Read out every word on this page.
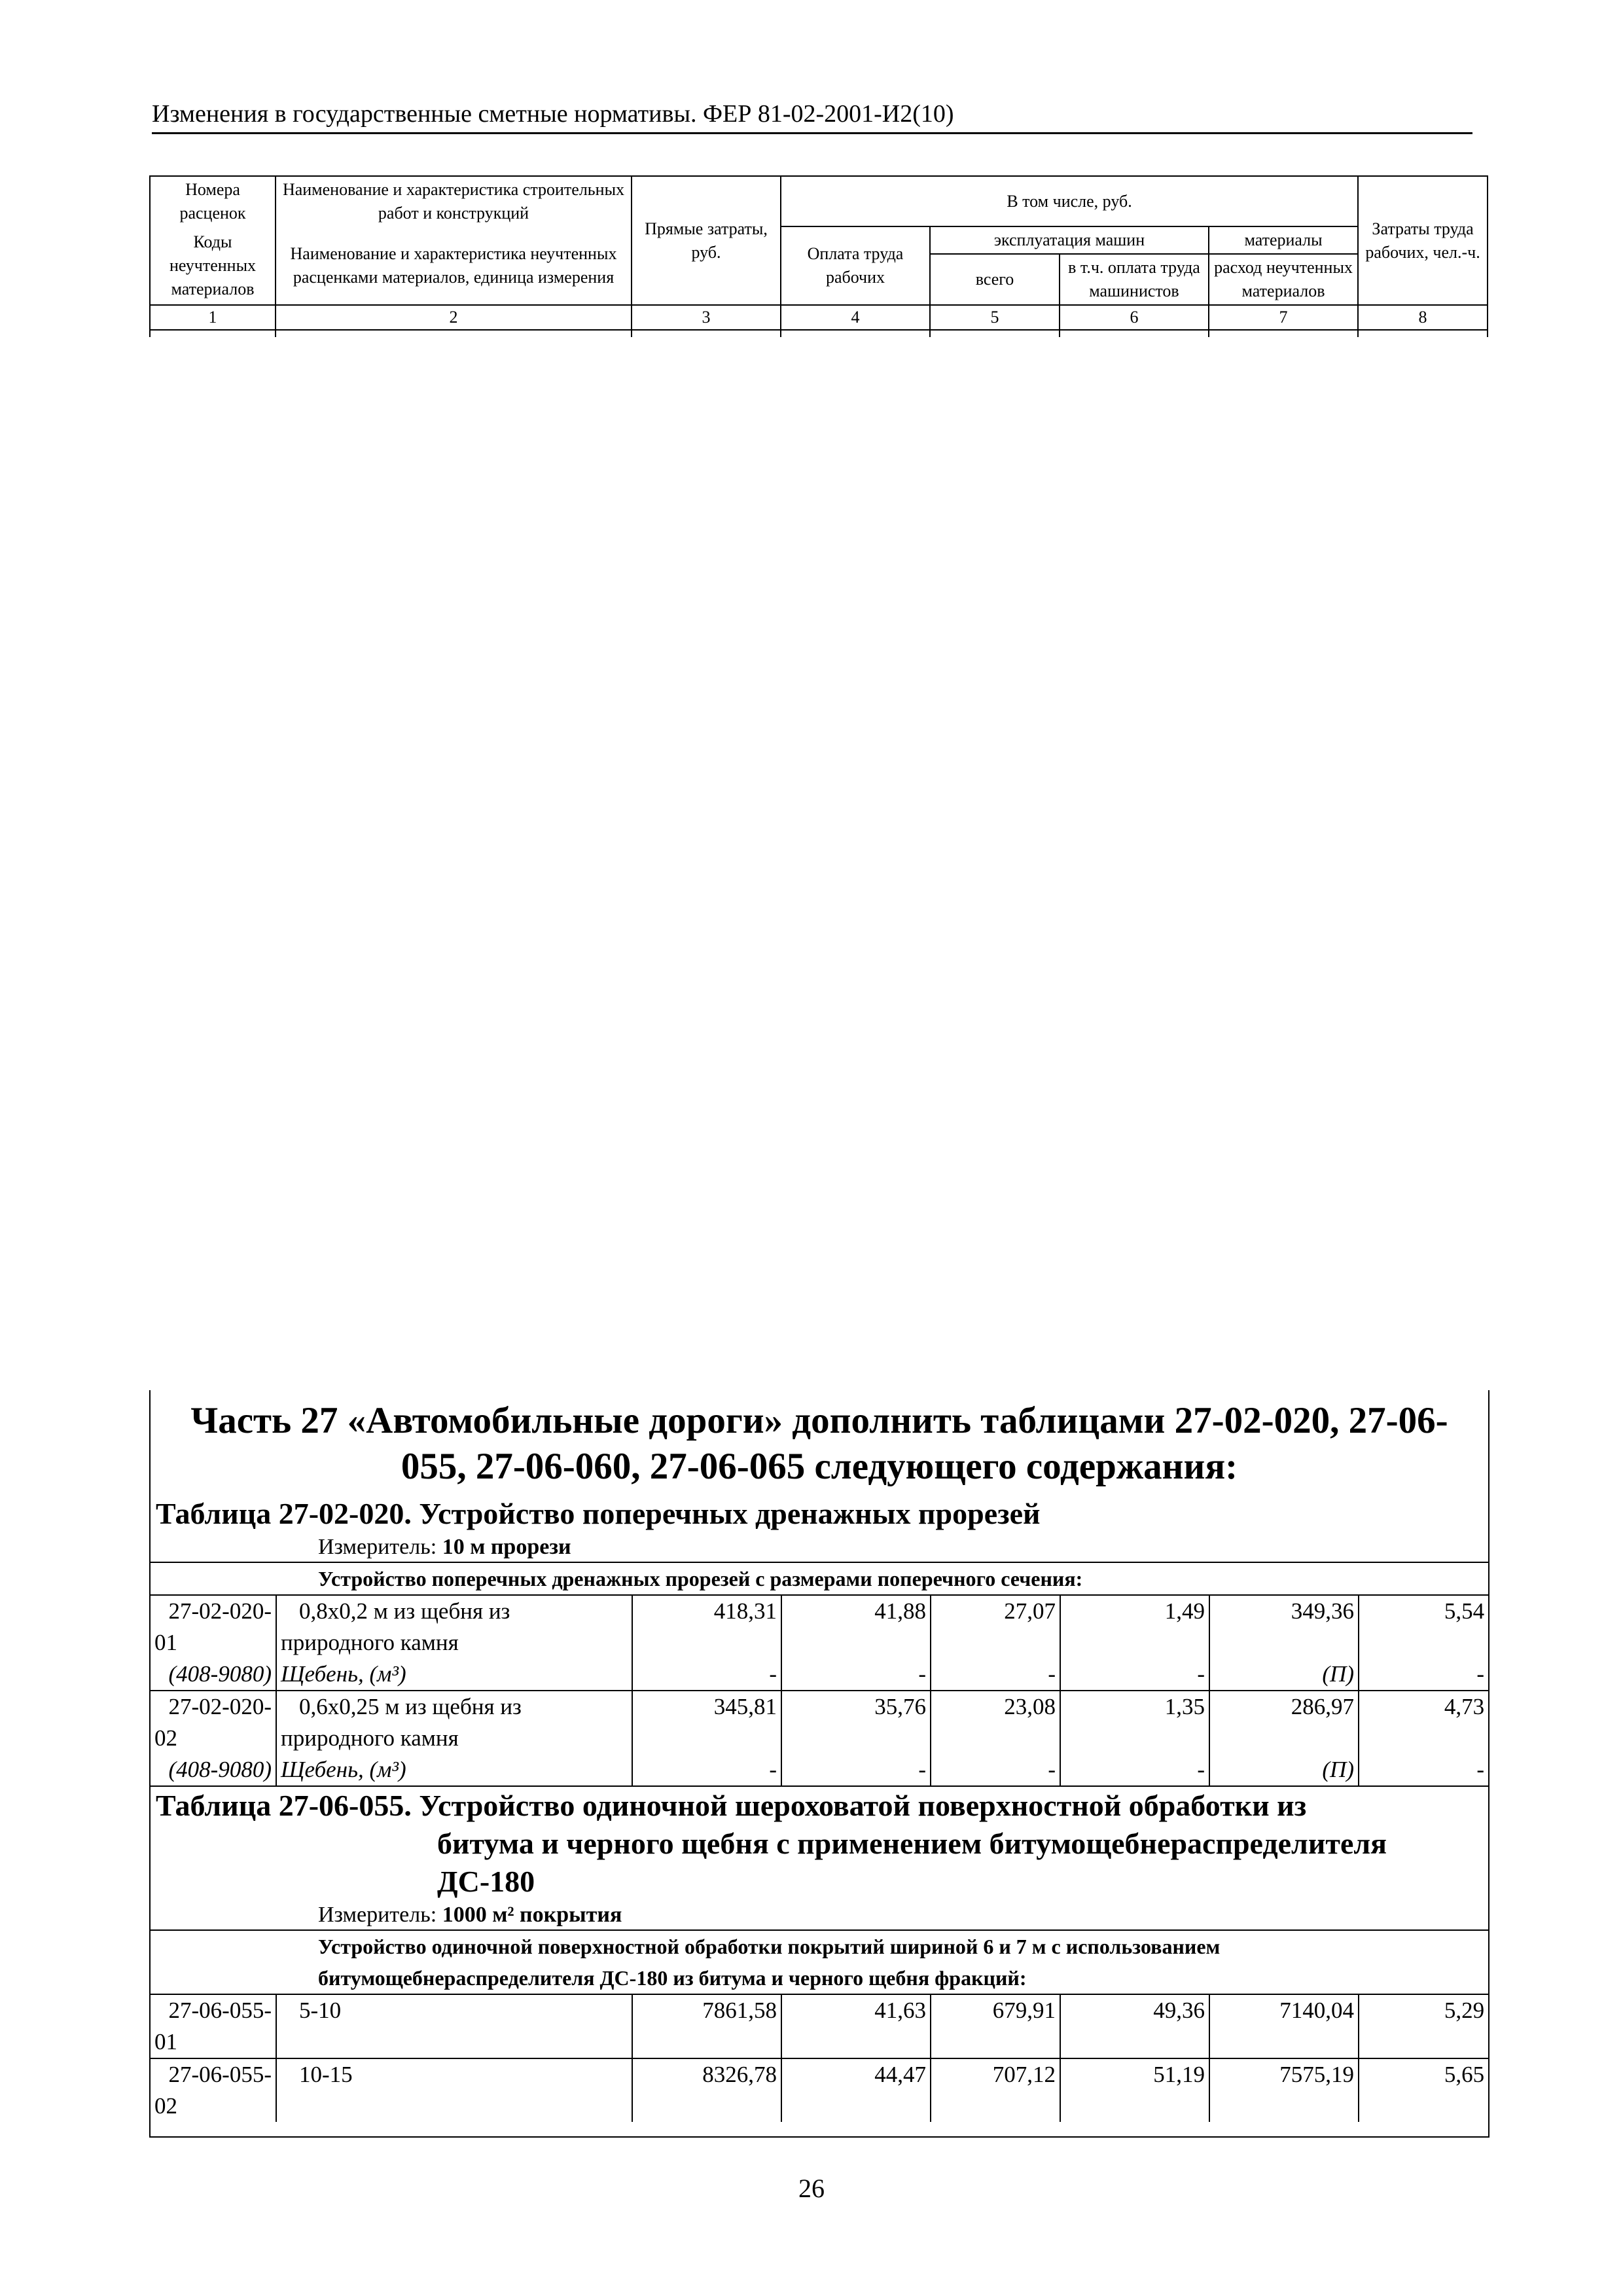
Изменения в государственные сметные нормативы. ФЕР 81-02-2001-И2(10)
Номера расценок	Наименование и характеристика строительных работ и конструкций	Прямые затраты, руб.	В том числе, руб.				Затраты труда рабочих, чел.-ч.
Коды неучтенных материалов	Наименование и характеристика неучтенных расценками материалов, единица измерения		Оплата труда рабочих	эксплуатация машин		материалы	
				всего	в т.ч. оплата труда машинистов	расход неучтенных материалов	
1	2	3	4	5	6	7	8

Часть 27 «Автомобильные дороги» дополнить таблицами 27-02-020, 27-06-055, 27-06-060, 27-06-065 следующего содержания:
Таблица 27-02-020. Устройство поперечных дренажных прорезей
Измеритель: 10 м прорези
Устройство поперечных дренажных прорезей с размерами поперечного сечения:							
27-02-020-	0,8x0,2 м из щебня из	418,31	41,88	27,07	1,49	349,36	5,54
01	природного камня						
(408-9080)	Щебень, (м³)	-	-	-	-	(П)	-
27-02-020-	0,6x0,25 м из щебня из	345,81	35,76	23,08	1,35	286,97	4,73
02	природного камня						
(408-9080)	Щебень, (м³)	-	-	-	-	(П)	-
Таблица 27-06-055. Устройство одиночной шероховатой поверхностной обработки из
битума и черного щебня с применением битумощебнераспределителя
ДС-180
Измеритель: 1000 м² покрытия
Устройство одиночной поверхностной обработки покрытий шириной 6 и 7 м с использованием
битумощебнераспределителя ДС-180 из битума и черного щебня фракций:							
27-06-055-	5-10	7861,58	41,63	679,91	49,36	7140,04	5,29
01							
27-06-055-	10-15	8326,78	44,47	707,12	51,19	7575,19	5,65
02							
26
